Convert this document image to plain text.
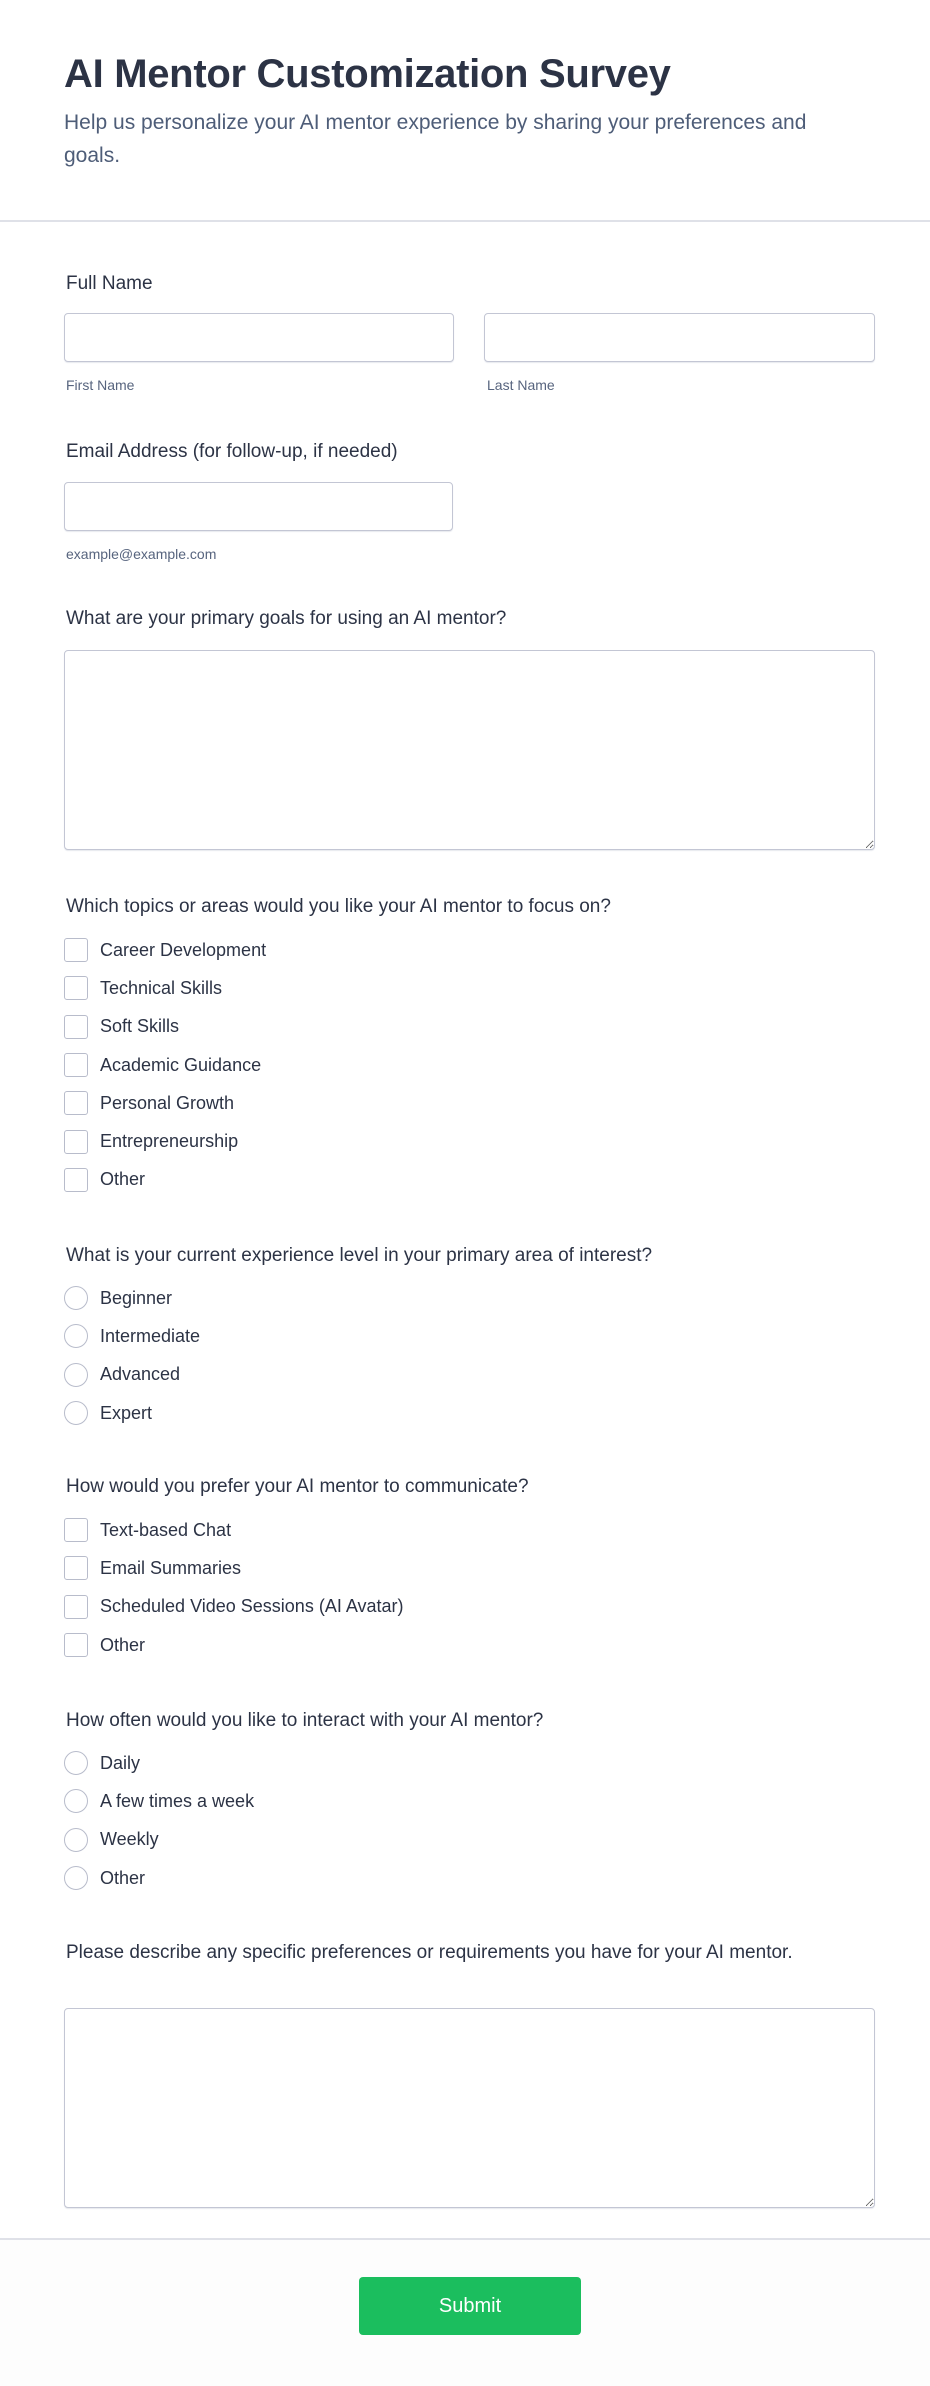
AI Mentor Customization Survey

Help us personalize your AI mentor experience by sharing your preferences and goals.

Full Name
First Name	Last Name
Email Address (for follow-up, if needed)
example@example.com
What are your primary goals for using an AI mentor?
Which topics or areas would you like your AI mentor to focus on?
Career Development
Technical Skills
Soft Skills
Academic Guidance
Personal Growth
Entrepreneurship
Other
What is your current experience level in your primary area of interest?
Beginner
Intermediate
Advanced
Expert
How would you prefer your AI mentor to communicate?
Text-based Chat
Email Summaries
Scheduled Video Sessions (AI Avatar)
Other
How often would you like to interact with your AI mentor?
Daily
A few times a week
Weekly
Other
Please describe any specific preferences or requirements you have for your AI mentor.
Submit
